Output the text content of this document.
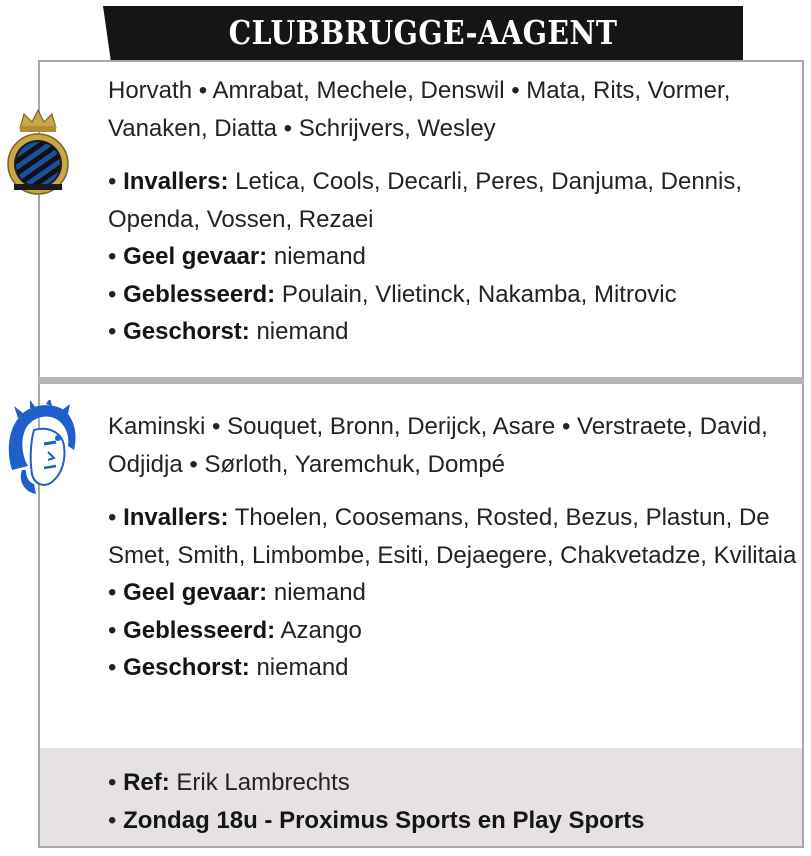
CLUBBRUGGE-AAGENT

Horvath • Amrabat, Mechele, Denswil • Mata, Rits, Vormer, Vanaken, Diatta • Schrijvers, Wesley

• Invallers: Letica, Cools, Decarli, Peres, Danjuma, Dennis, Openda, Vossen, Rezaei

• Geel gevaar: niemand

• Geblesseerd: Poulain, Vlietinck, Nakamba, Mitrovic

• Geschorst: niemand

Kaminski • Souquet, Bronn, Derijck, Asare • Verstraete, David, Odjidja • Sørloth, Yaremchuk, Dompé

• Invallers: Thoelen, Coosemans, Rosted, Bezus, Plastun, De Smet, Smith, Limbombe, Esiti, Dejaegere, Chakvetadze, Kvilitaia

• Geel gevaar: niemand

• Geblesseerd: Azango

• Geschorst: niemand

• Ref: Erik Lambrechts

• Zondag 18u - Proximus Sports en Play Sports
